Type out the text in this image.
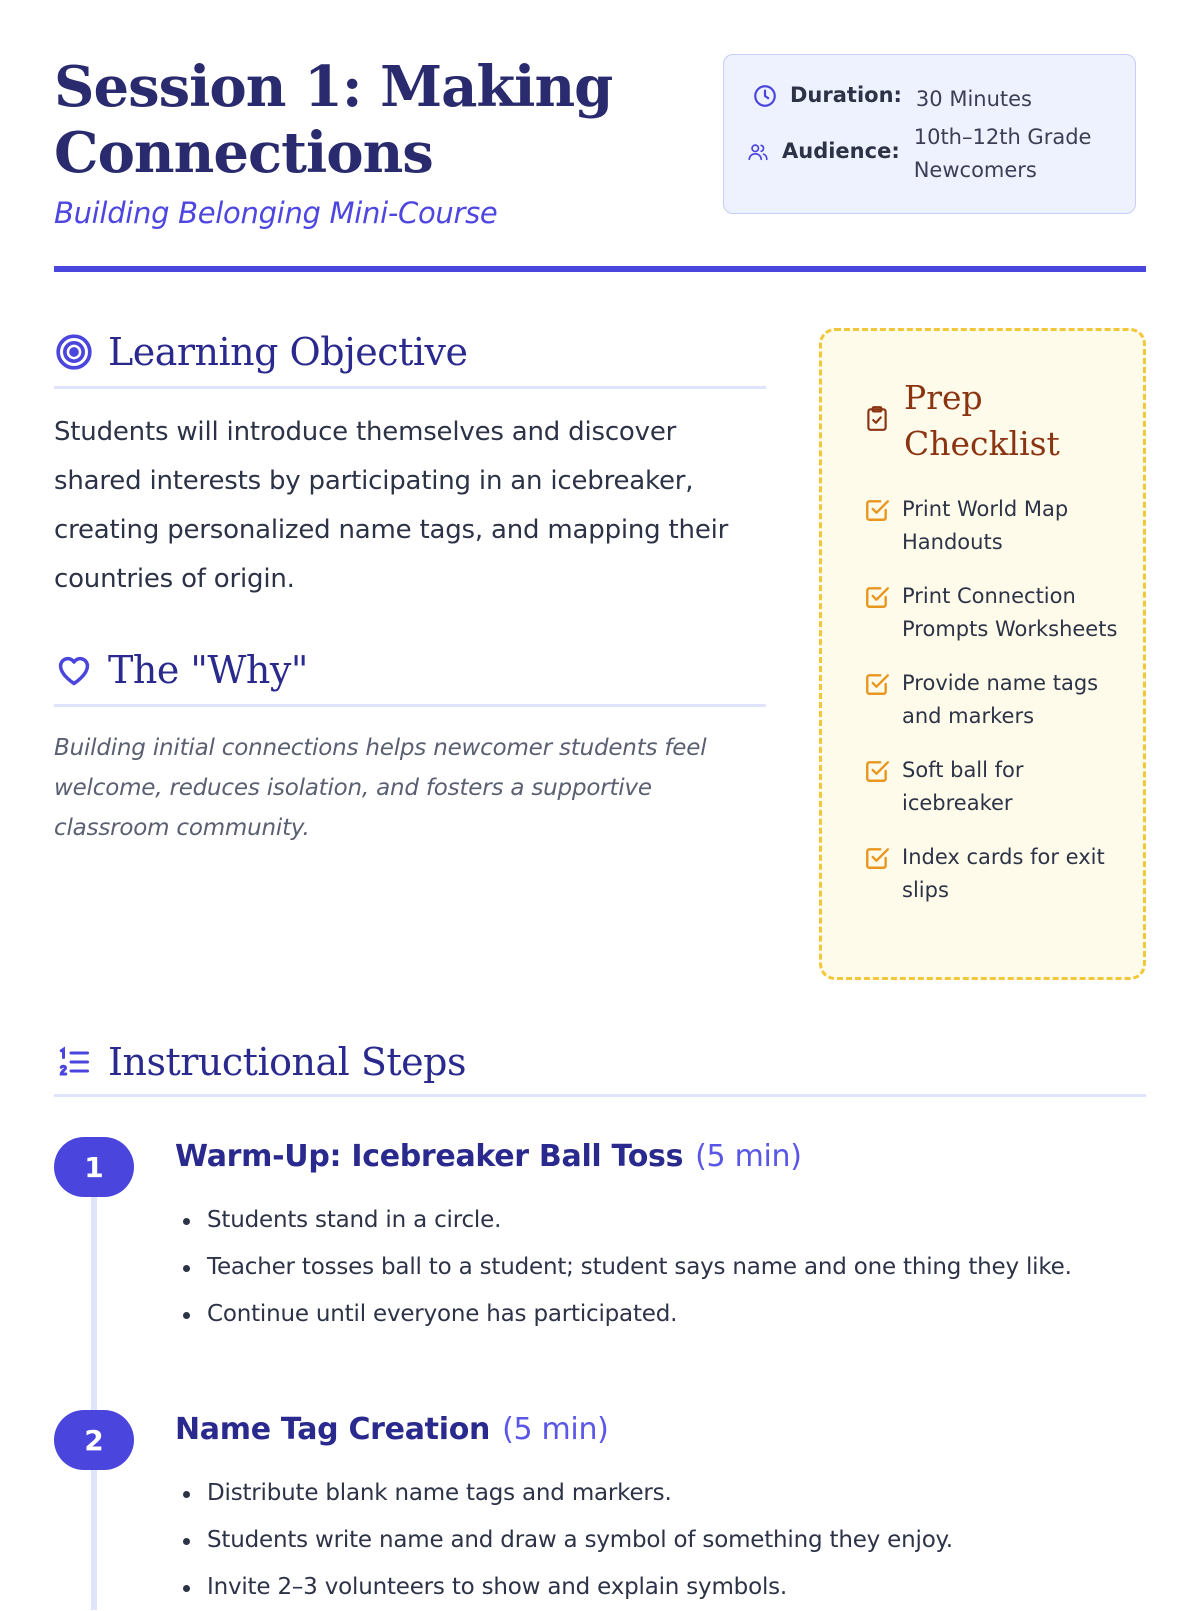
Session 1: Making Connections
Building Belonging Mini-Course
Duration: 30 Minutes
Audience:
10th–12th Grade Newcomers
Learning Objective

Students will introduce themselves and discover shared interests by participating in an icebreaker, creating personalized name tags, and mapping their countries of origin.

The "Why"

Building initial connections helps newcomer students feel welcome, reduces isolation, and fosters a supportive classroom community.

Prep Checklist
Print World Map Handouts
Print Connection Prompts Worksheets
Provide name tags and markers
Soft ball for icebreaker
Index cards for exit slips
Instructional Steps
1	Warm-Up: Icebreaker Ball Toss (5 min)
Students stand in a circle.
Teacher tosses ball to a student; student says name and one thing they like.
Continue until everyone has participated.
2	Name Tag Creation (5 min)
Distribute blank name tags and markers.
Students write name and draw a symbol of something they enjoy.
Invite 2–3 volunteers to show and explain symbols.
